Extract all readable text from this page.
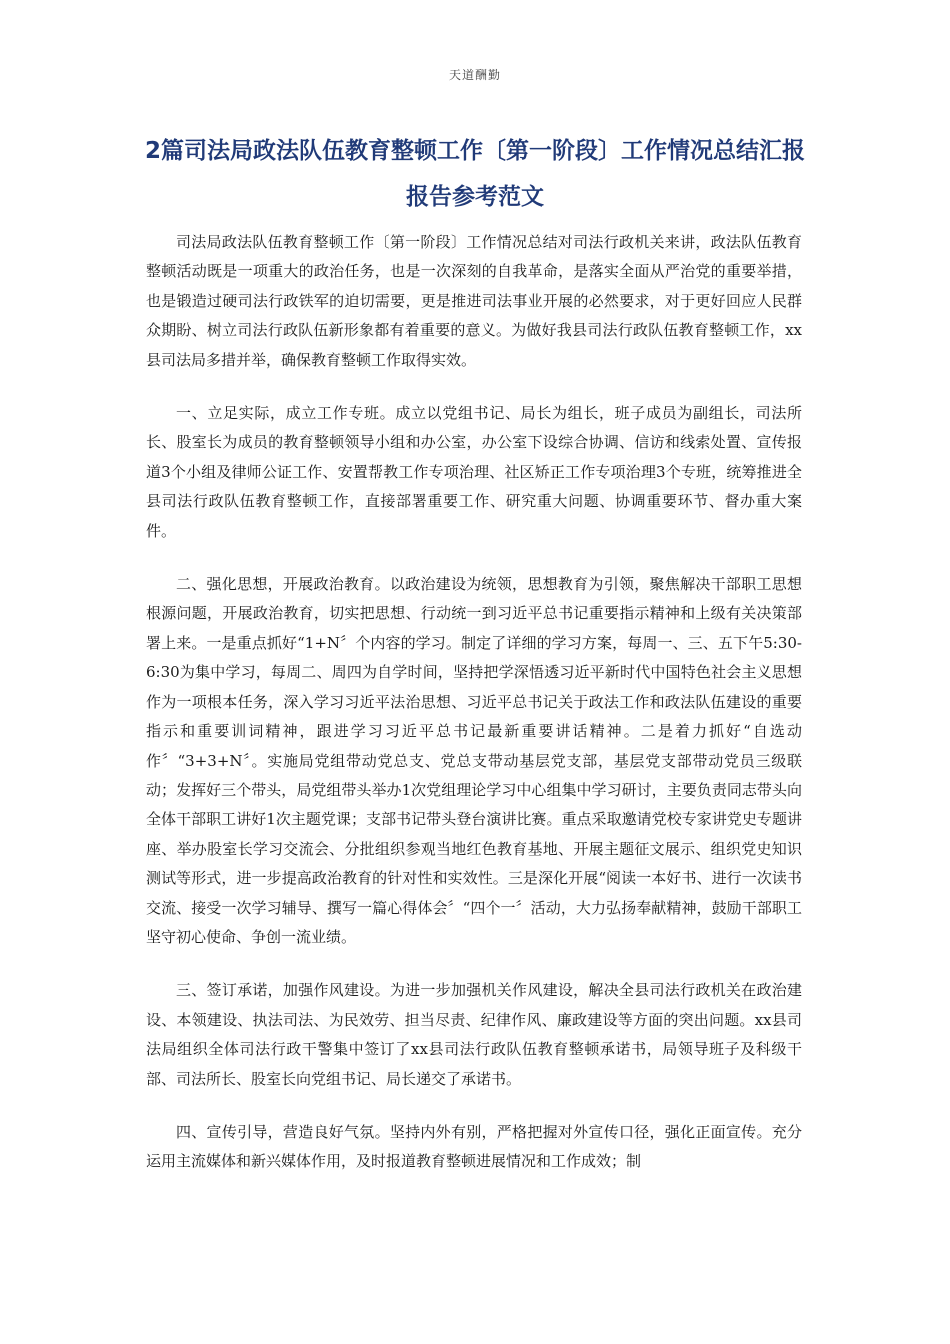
天道酬勤
2篇司法局政法队伍教育整顿工作〔第一阶段〕工作情况总结汇报报告参考范文

司法局政法队伍教育整顿工作〔第一阶段〕工作情况总结对司法行政机关来讲，政法队伍教育整顿活动既是一项重大的政治任务，也是一次深刻的自我革命，是落实全面从严治党的重要举措，也是锻造过硬司法行政铁军的迫切需要，更是推进司法事业开展的必然要求，对于更好回应人民群众期盼、树立司法行政队伍新形象都有着重要的意义。为做好我县司法行政队伍教育整顿工作，xx县司法局多措并举，确保教育整顿工作取得实效。

一、立足实际，成立工作专班。成立以党组书记、局长为组长，班子成员为副组长，司法所长、股室长为成员的教育整顿领导小组和办公室，办公室下设综合协调、信访和线索处置、宣传报道3个小组及律师公证工作、安置帮教工作专项治理、社区矫正工作专项治理3个专班，统筹推进全县司法行政队伍教育整顿工作，直接部署重要工作、研究重大问题、协调重要环节、督办重大案件。

二、强化思想，开展政治教育。以政治建设为统领，思想教育为引领，聚焦解决干部职工思想根源问题，开展政治教育，切实把思想、行动统一到习近平总书记重要指示精神和上级有关决策部署上来。一是重点抓好“1+N〞个内容的学习。制定了详细的学习方案，每周一、三、五下午5:30-6:30为集中学习，每周二、周四为自学时间，坚持把学深悟透习近平新时代中国特色社会主义思想作为一项根本任务，深入学习习近平法治思想、习近平总书记关于政法工作和政法队伍建设的重要指示和重要训词精神，跟进学习习近平总书记最新重要讲话精神。二是着力抓好“自选动作〞“3+3+N〞。实施局党组带动党总支、党总支带动基层党支部，基层党支部带动党员三级联动；发挥好三个带头，局党组带头举办1次党组理论学习中心组集中学习研讨，主要负责同志带头向全体干部职工讲好1次主题党课；支部书记带头登台演讲比赛。重点采取邀请党校专家讲党史专题讲座、举办股室长学习交流会、分批组织参观当地红色教育基地、开展主题征文展示、组织党史知识测试等形式，进一步提高政治教育的针对性和实效性。三是深化开展“阅读一本好书、进行一次读书交流、接受一次学习辅导、撰写一篇心得体会〞“四个一〞活动，大力弘扬奉献精神，鼓励干部职工坚守初心使命、争创一流业绩。

三、签订承诺，加强作风建设。为进一步加强机关作风建设，解决全县司法行政机关在政治建设、本领建设、执法司法、为民效劳、担当尽责、纪律作风、廉政建设等方面的突出问题。xx县司法局组织全体司法行政干警集中签订了xx县司法行政队伍教育整顿承诺书，局领导班子及科级干部、司法所长、股室长向党组书记、局长递交了承诺书。

四、宣传引导，营造良好气氛。坚持内外有别，严格把握对外宣传口径，强化正面宣传。充分运用主流媒体和新兴媒体作用，及时报道教育整顿进展情况和工作成效；制
